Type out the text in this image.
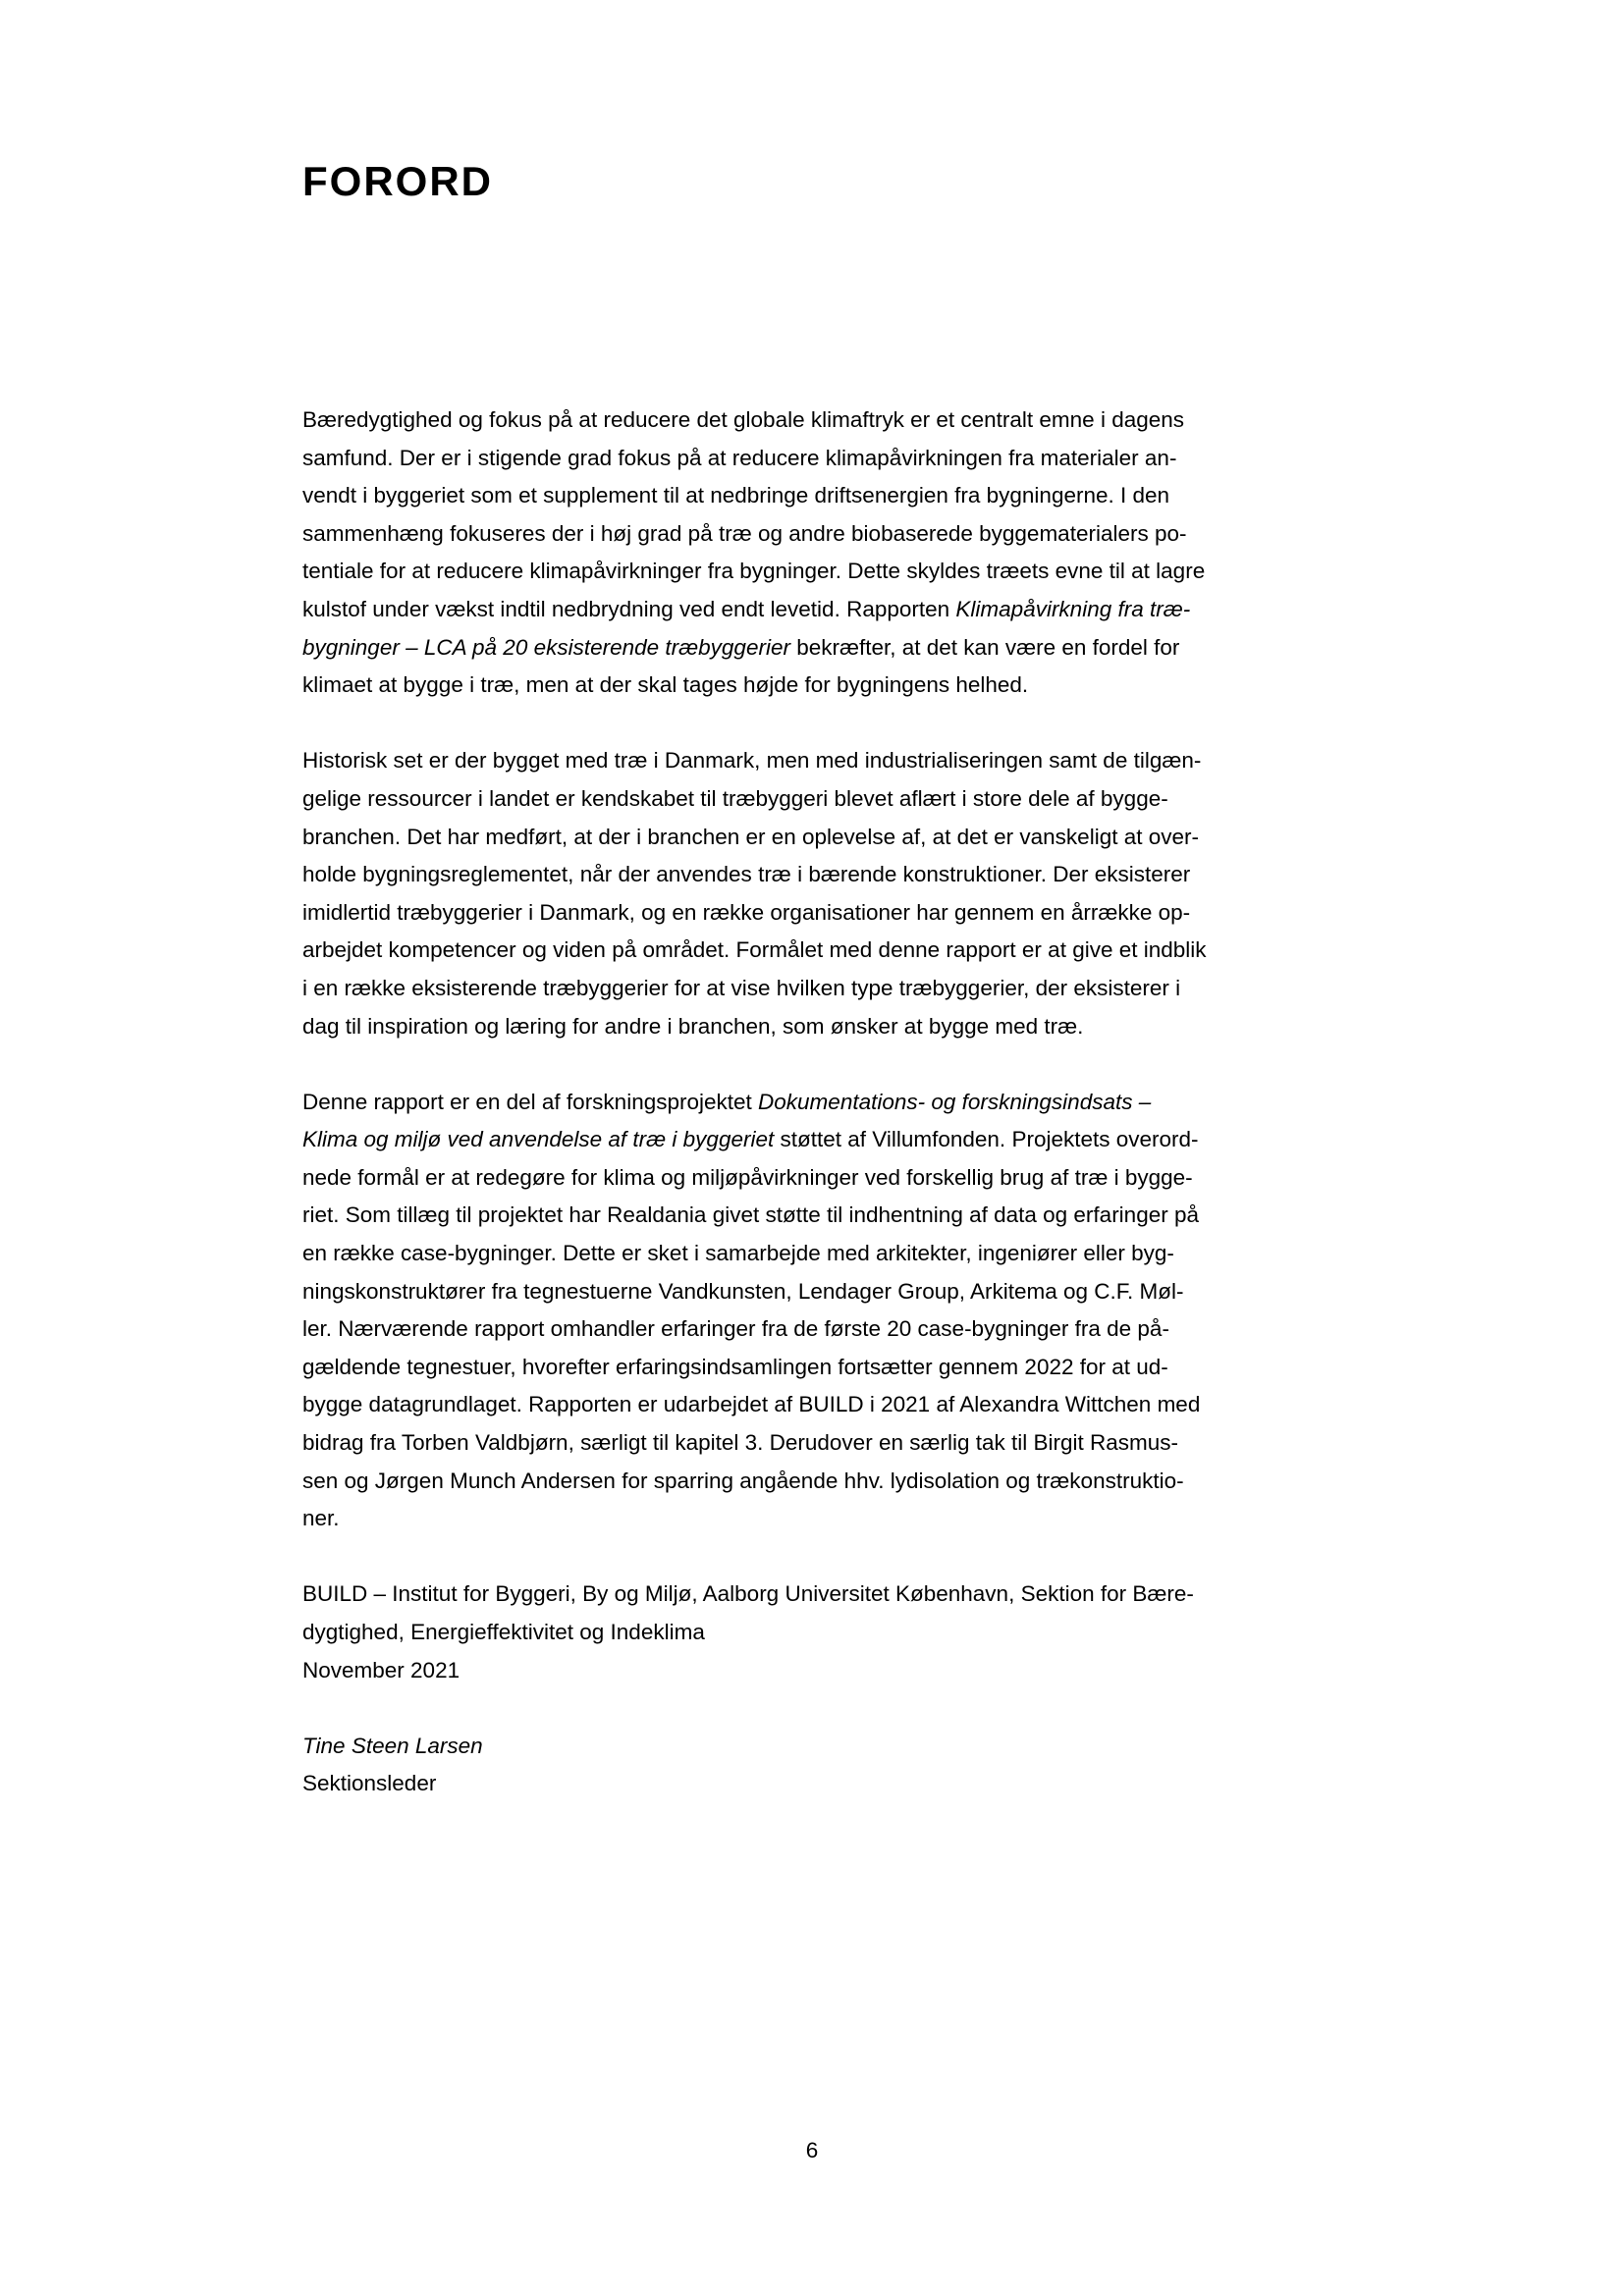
FORORD
Bæredygtighed og fokus på at reducere det globale klimaftryk er et centralt emne i dagens
samfund. Der er i stigende grad fokus på at reducere klimapåvirkningen fra materialer an-
vendt i byggeriet som et supplement til at nedbringe driftsenergien fra bygningerne. I den
sammenhæng fokuseres der i høj grad på træ og andre biobaserede byggematerialers po-
tentiale for at reducere klimapåvirkninger fra bygninger. Dette skyldes træets evne til at lagre
kulstof under vækst indtil nedbrydning ved endt levetid. Rapporten Klimapåvirkning fra træ-
bygninger – LCA på 20 eksisterende træbyggerier bekræfter, at det kan være en fordel for
klimaet at bygge i træ, men at der skal tages højde for bygningens helhed.
Historisk set er der bygget med træ i Danmark, men med industrialiseringen samt de tilgæn-
gelige ressourcer i landet er kendskabet til træbyggeri blevet aflært i store dele af bygge-
branchen. Det har medført, at der i branchen er en oplevelse af, at det er vanskeligt at over-
holde bygningsreglementet, når der anvendes træ i bærende konstruktioner. Der eksisterer
imidlertid træbyggerier i Danmark, og en række organisationer har gennem en årrække op-
arbejdet kompetencer og viden på området. Formålet med denne rapport er at give et indblik
i en række eksisterende træbyggerier for at vise hvilken type træbyggerier, der eksisterer i
dag til inspiration og læring for andre i branchen, som ønsker at bygge med træ.
Denne rapport er en del af forskningsprojektet Dokumentations- og forskningsindsats –
Klima og miljø ved anvendelse af træ i byggeriet støttet af Villumfonden. Projektets overord-
nede formål er at redegøre for klima og miljøpåvirkninger ved forskellig brug af træ i bygge-
riet. Som tillæg til projektet har Realdania givet støtte til indhentning af data og erfaringer på
en række case-bygninger. Dette er sket i samarbejde med arkitekter, ingeniører eller byg-
ningskonstruktører fra tegnestuerne Vandkunsten, Lendager Group, Arkitema og C.F. Møl-
ler. Nærværende rapport omhandler erfaringer fra de første 20 case-bygninger fra de på-
gældende tegnestuer, hvorefter erfaringsindsamlingen fortsætter gennem 2022 for at ud-
bygge datagrundlaget. Rapporten er udarbejdet af BUILD i 2021 af Alexandra Wittchen med
bidrag fra Torben Valdbjørn, særligt til kapitel 3. Derudover en særlig tak til Birgit Rasmus-
sen og Jørgen Munch Andersen for sparring angående hhv. lydisolation og trækonstruktio-
ner.
BUILD – Institut for Byggeri, By og Miljø, Aalborg Universitet København, Sektion for Bære-
dygtighed, Energieffektivitet og Indeklima
November 2021
Tine Steen Larsen
Sektionsleder
6
